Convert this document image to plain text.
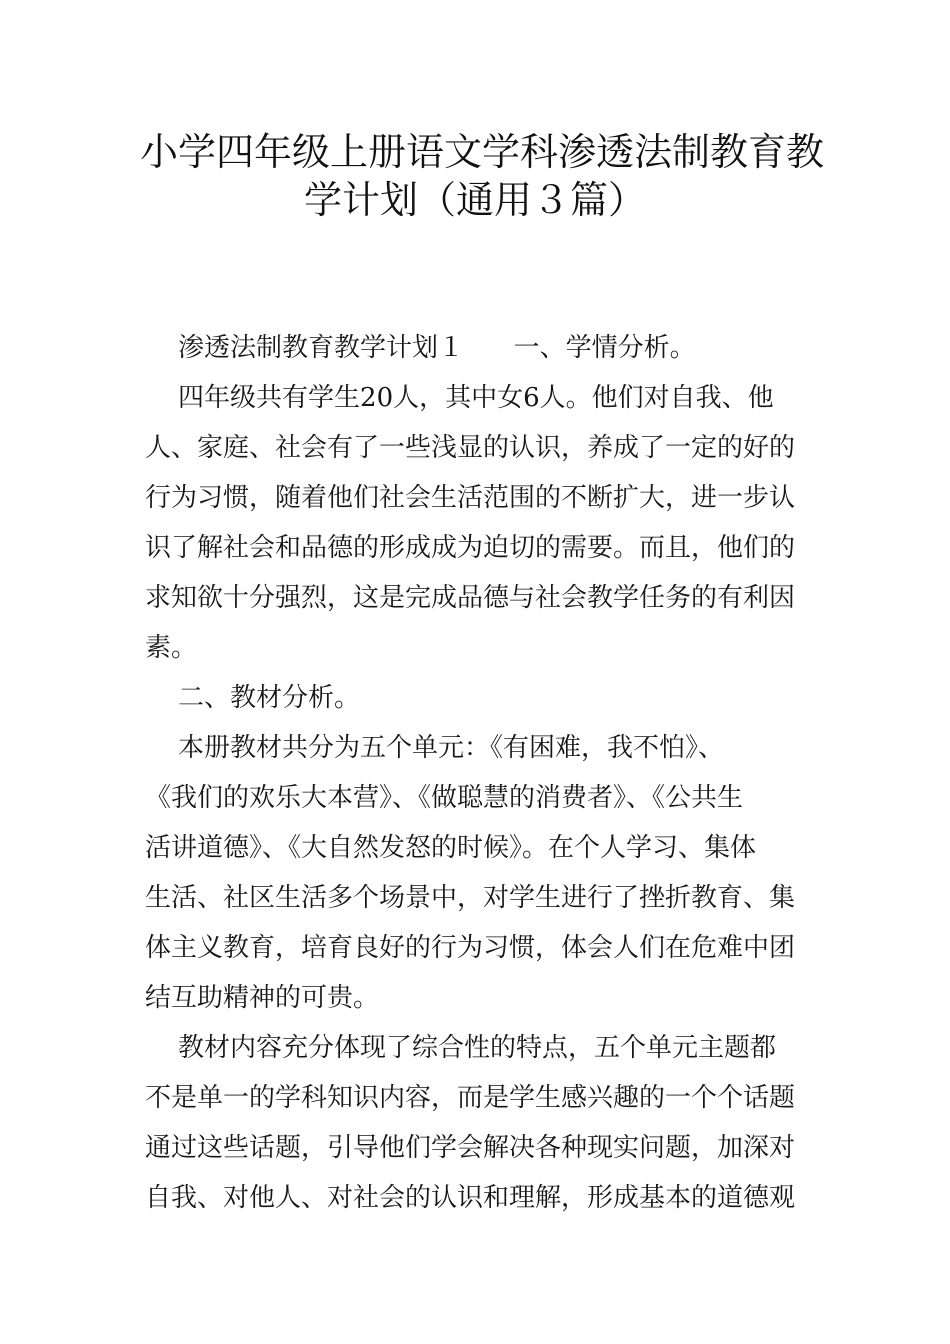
小学四年级上册语文学科渗透法制教育教
学计划（通用３篇）
渗透法制教育教学计划１      一、学情分析。
四年级共有学生20人，其中女6人。他们对自我、他
人、家庭、社会有了一些浅显的认识，养成了一定的好的
行为习惯，随着他们社会生活范围的不断扩大，进一步认
识了解社会和品德的形成成为迫切的需要。而且，他们的
求知欲十分强烈，这是完成品德与社会教学任务的有利因
素。
二、教材分析。
本册教材共分为五个单元：《有困难，我不怕》、
《我们的欢乐大本营》、《做聪慧的消费者》、《公共生
活讲道德》、《大自然发怒的时候》。在个人学习、集体
生活、社区生活多个场景中，对学生进行了挫折教育、集
体主义教育，培育良好的行为习惯，体会人们在危难中团
结互助精神的可贵。
教材内容充分体现了综合性的特点，五个单元主题都
不是单一的学科知识内容，而是学生感兴趣的一个个话题
通过这些话题，引导他们学会解决各种现实问题，加深对
自我、对他人、对社会的认识和理解，形成基本的道德观
